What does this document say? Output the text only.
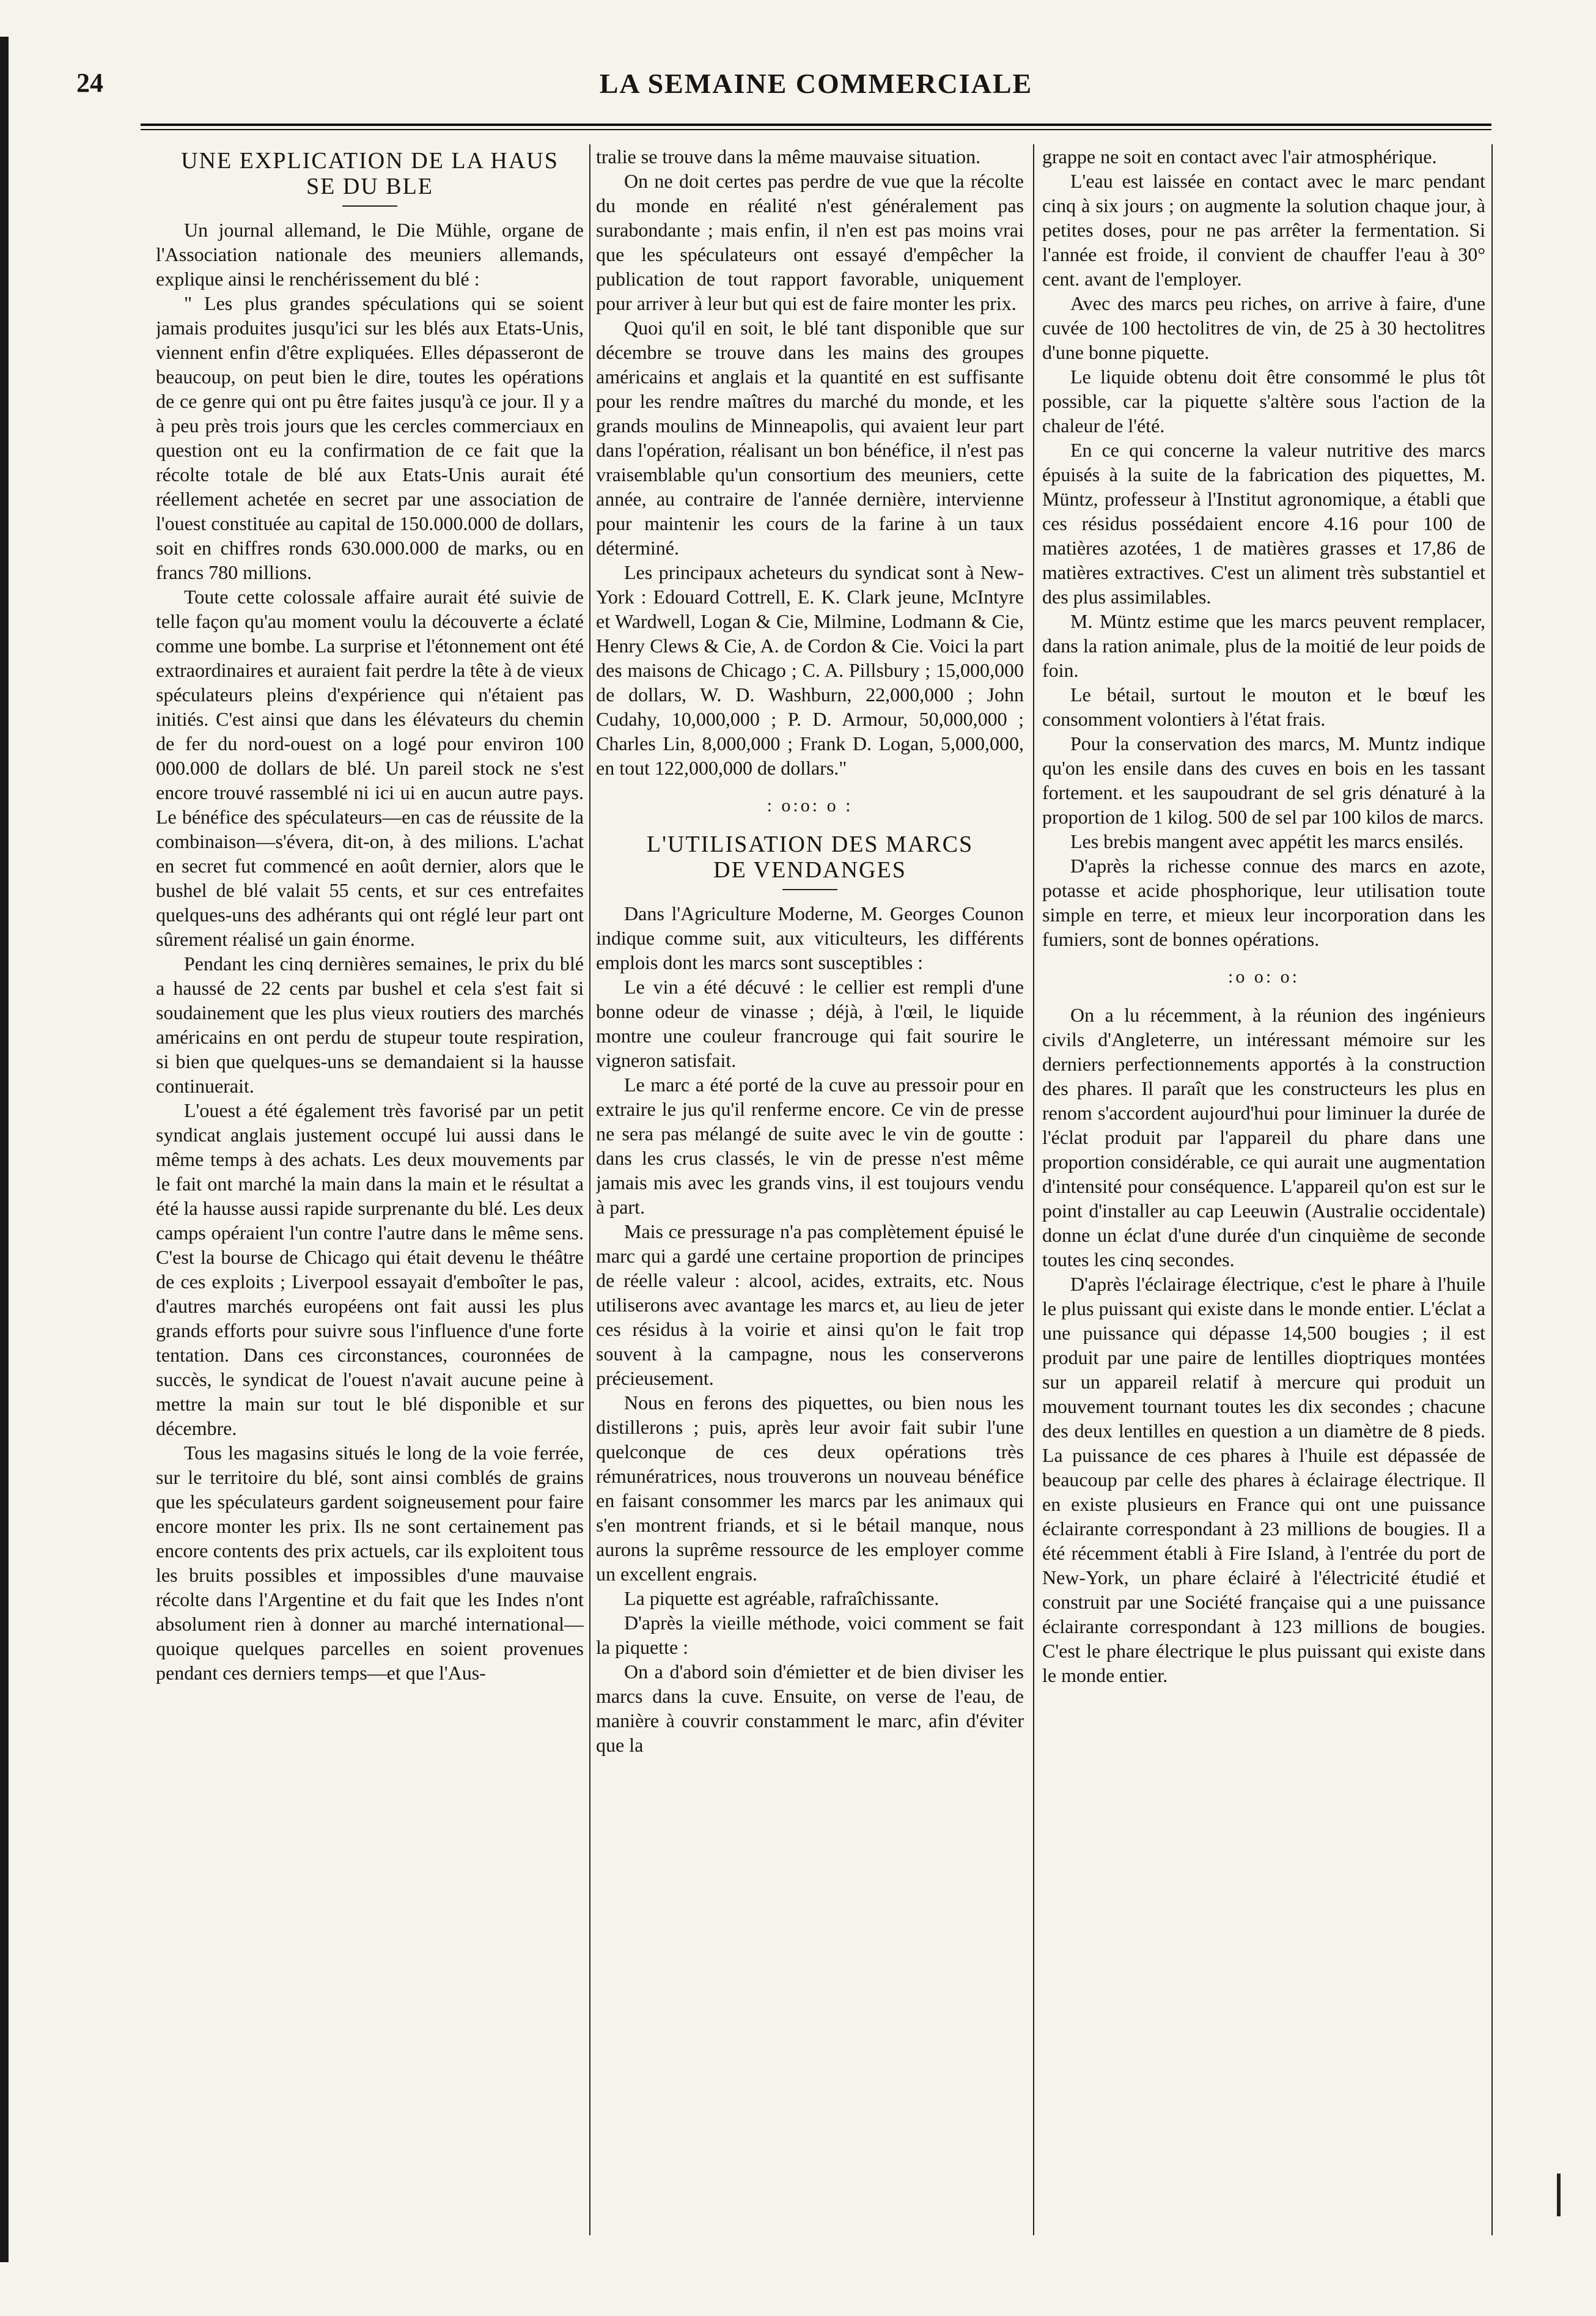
24	LA SEMAINE COMMERCIALE
UNE EXPLICATION DE LA HAUS
SE DU BLE

Un journal allemand, le Die Mühle, organe de l'Association nationale des meuniers allemands, explique ainsi le renchérissement du blé :

" Les plus grandes spéculations qui se soient jamais produites jusqu'ici sur les blés aux Etats-Unis, viennent enfin d'être expliquées. Elles dépasseront de beaucoup, on peut bien le dire, toutes les opérations de ce genre qui ont pu être faites jusqu'à ce jour. Il y a à peu près trois jours que les cercles commerciaux en question ont eu la confirmation de ce fait que la récolte totale de blé aux Etats-Unis aurait été réellement achetée en secret par une association de l'ouest constituée au capital de 150.000.000 de dollars, soit en chiffres ronds 630.000.000 de marks, ou en francs 780 millions.

Toute cette colossale affaire aurait été suivie de telle façon qu'au moment voulu la découverte a éclaté comme une bombe. La surprise et l'étonnement ont été extraordinaires et auraient fait perdre la tête à de vieux spéculateurs pleins d'expérience qui n'étaient pas initiés. C'est ainsi que dans les élévateurs du chemin de fer du nord-ouest on a logé pour environ 100 000.000 de dollars de blé. Un pareil stock ne s'est encore trouvé rassemblé ni ici ui en aucun autre pays. Le bénéfice des spéculateurs—en cas de réussite de la combinaison—s'évera, dit-on, à des milions. L'achat en secret fut commencé en août dernier, alors que le bushel de blé valait 55 cents, et sur ces entrefaites quelques-uns des adhérants qui ont réglé leur part ont sûrement réalisé un gain énorme.

Pendant les cinq dernières semaines, le prix du blé a haussé de 22 cents par bushel et cela s'est fait si soudainement que les plus vieux routiers des marchés américains en ont perdu de stupeur toute respiration, si bien que quelques-uns se demandaient si la hausse continuerait.

L'ouest a été également très favorisé par un petit syndicat anglais justement occupé lui aussi dans le même temps à des achats. Les deux mouvements par le fait ont marché la main dans la main et le résultat a été la hausse aussi rapide surprenante du blé. Les deux camps opéraient l'un contre l'autre dans le même sens. C'est la bourse de Chicago qui était devenu le théâtre de ces exploits ; Liverpool essayait d'emboîter le pas, d'autres marchés européens ont fait aussi les plus grands efforts pour suivre sous l'influence d'une forte tentation. Dans ces circonstances, couronnées de succès, le syndicat de l'ouest n'avait aucune peine à mettre la main sur tout le blé disponible et sur décembre.

Tous les magasins situés le long de la voie ferrée, sur le territoire du blé, sont ainsi comblés de grains que les spéculateurs gardent soigneusement pour faire encore monter les prix. Ils ne sont certainement pas encore contents des prix actuels, car ils exploitent tous les bruits possibles et impossibles d'une mauvaise récolte dans l'Argentine et du fait que les Indes n'ont absolument rien à donner au marché international—quoique quelques parcelles en soient provenues pendant ces derniers temps—et que l'Aus-

tralie se trouve dans la même mauvaise situation.

On ne doit certes pas perdre de vue que la récolte du monde en réalité n'est généralement pas surabondante ; mais enfin, il n'en est pas moins vrai que les spéculateurs ont essayé d'empêcher la publication de tout rapport favorable, uniquement pour arriver à leur but qui est de faire monter les prix.

Quoi qu'il en soit, le blé tant disponible que sur décembre se trouve dans les mains des groupes américains et anglais et la quantité en est suffisante pour les rendre maîtres du marché du monde, et les grands moulins de Minneapolis, qui avaient leur part dans l'opération, réalisant un bon bénéfice, il n'est pas vraisemblable qu'un consortium des meuniers, cette année, au contraire de l'année dernière, intervienne pour maintenir les cours de la farine à un taux déterminé.

Les principaux acheteurs du syndicat sont à New-York : Edouard Cottrell, E. K. Clark jeune, McIntyre et Wardwell, Logan & Cie, Milmine, Lodmann & Cie, Henry Clews & Cie, A. de Cordon & Cie. Voici la part des maisons de Chicago ; C. A. Pillsbury ; 15,000,000 de dollars, W. D. Washburn, 22,000,000 ; John Cudahy, 10,000,000 ; P. D. Armour, 50,000,000 ; Charles Lin, 8,000,000 ; Frank D. Logan, 5,000,000, en tout 122,000,000 de dollars."

: o:o: o :
L'UTILISATION DES MARCS
DE VENDANGES

Dans l'Agriculture Moderne, M. Georges Counon indique comme suit, aux viticulteurs, les différents emplois dont les marcs sont susceptibles :

Le vin a été décuvé : le cellier est rempli d'une bonne odeur de vinasse ; déjà, à l'œil, le liquide montre une couleur francrouge qui fait sourire le vigneron satisfait.

Le marc a été porté de la cuve au pressoir pour en extraire le jus qu'il renferme encore. Ce vin de presse ne sera pas mélangé de suite avec le vin de goutte : dans les crus classés, le vin de presse n'est même jamais mis avec les grands vins, il est toujours vendu à part.

Mais ce pressurage n'a pas complètement épuisé le marc qui a gardé une certaine proportion de principes de réelle valeur : alcool, acides, extraits, etc. Nous utiliserons avec avantage les marcs et, au lieu de jeter ces résidus à la voirie et ainsi qu'on le fait trop souvent à la campagne, nous les conserverons précieusement.

Nous en ferons des piquettes, ou bien nous les distillerons ; puis, après leur avoir fait subir l'une quelconque de ces deux opérations très rémunératrices, nous trouverons un nouveau bénéfice en faisant consommer les marcs par les animaux qui s'en montrent friands, et si le bétail manque, nous aurons la suprême ressource de les employer comme un excellent engrais.

La piquette est agréable, rafraîchissante.

D'après la vieille méthode, voici comment se fait la piquette :

On a d'abord soin d'émietter et de bien diviser les marcs dans la cuve. Ensuite, on verse de l'eau, de manière à couvrir constamment le marc, afin d'éviter que la

grappe ne soit en contact avec l'air atmosphérique.

L'eau est laissée en contact avec le marc pendant cinq à six jours ; on augmente la solution chaque jour, à petites doses, pour ne pas arrêter la fermentation. Si l'année est froide, il convient de chauffer l'eau à 30° cent. avant de l'employer.

Avec des marcs peu riches, on arrive à faire, d'une cuvée de 100 hectolitres de vin, de 25 à 30 hectolitres d'une bonne piquette.

Le liquide obtenu doit être consommé le plus tôt possible, car la piquette s'altère sous l'action de la chaleur de l'été.

En ce qui concerne la valeur nutritive des marcs épuisés à la suite de la fabrication des piquettes, M. Müntz, professeur à l'Institut agronomique, a établi que ces résidus possédaient encore 4.16 pour 100 de matières azotées, 1 de matières grasses et 17,86 de matières extractives. C'est un aliment très substantiel et des plus assimilables.

M. Müntz estime que les marcs peuvent remplacer, dans la ration animale, plus de la moitié de leur poids de foin.

Le bétail, surtout le mouton et le bœuf les consomment volontiers à l'état frais.

Pour la conservation des marcs, M. Muntz indique qu'on les ensile dans des cuves en bois en les tassant fortement. et les saupoudrant de sel gris dénaturé à la proportion de 1 kilog. 500 de sel par 100 kilos de marcs.

Les brebis mangent avec appétit les marcs ensilés.

D'après la richesse connue des marcs en azote, potasse et acide phosphorique, leur utilisation toute simple en terre, et mieux leur incorporation dans les fumiers, sont de bonnes opérations.

:o o: o:

On a lu récemment, à la réunion des ingénieurs civils d'Angleterre, un intéressant mémoire sur les derniers perfectionnements apportés à la construction des phares. Il paraît que les constructeurs les plus en renom s'accordent aujourd'hui pour liminuer la durée de l'éclat produit par l'appareil du phare dans une proportion considérable, ce qui aurait une augmentation d'intensité pour conséquence. L'appareil qu'on est sur le point d'installer au cap Leeuwin (Australie occidentale) donne un éclat d'une durée d'un cinquième de seconde toutes les cinq secondes.

D'après l'éclairage électrique, c'est le phare à l'huile le plus puissant qui existe dans le monde entier. L'éclat a une puissance qui dépasse 14,500 bougies ; il est produit par une paire de lentilles dioptriques montées sur un appareil relatif à mercure qui produit un mouvement tournant toutes les dix secondes ; chacune des deux lentilles en question a un diamètre de 8 pieds. La puissance de ces phares à l'huile est dépassée de beaucoup par celle des phares à éclairage électrique. Il en existe plusieurs en France qui ont une puissance éclairante correspondant à 23 millions de bougies. Il a été récemment établi à Fire Island, à l'entrée du port de New-York, un phare éclairé à l'électricité étudié et construit par une Société française qui a une puissance éclairante correspondant à 123 millions de bougies. C'est le phare électrique le plus puissant qui existe dans le monde entier.
